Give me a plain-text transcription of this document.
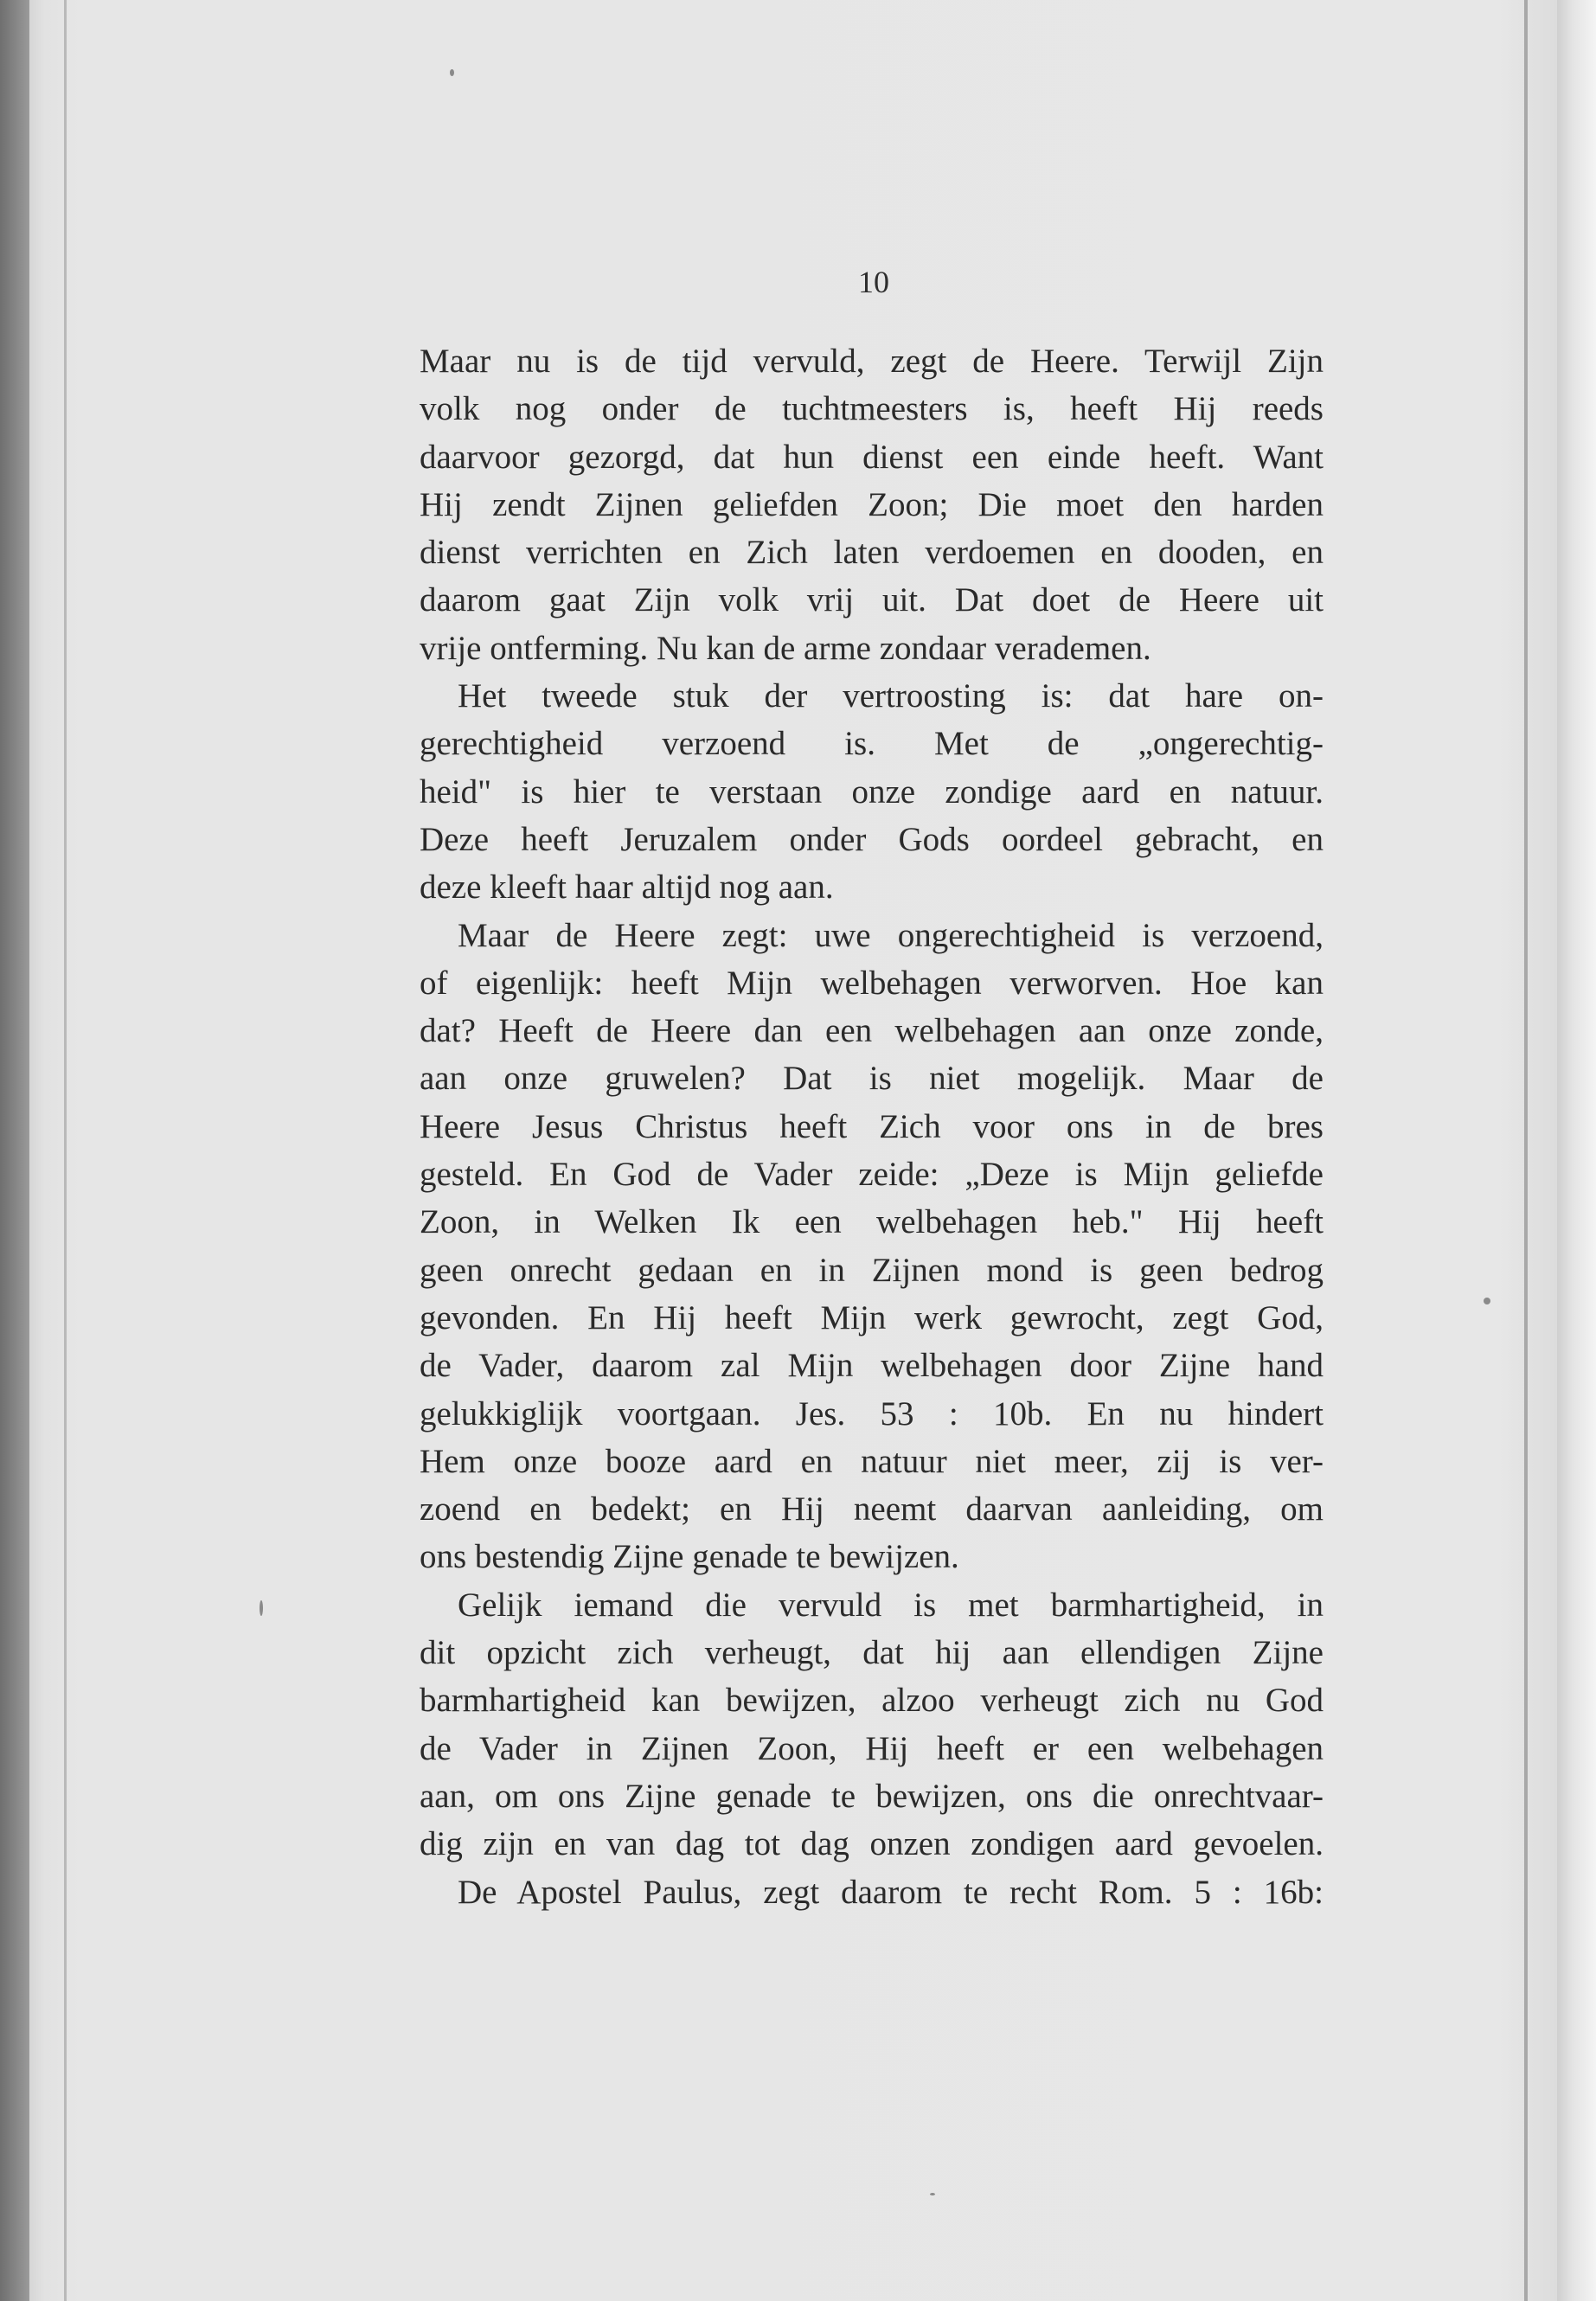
10
Maar nu is de tijd vervuld, zegt de Heere. Terwijl Zijn
volk nog onder de tuchtmeesters is, heeft Hij reeds
daarvoor gezorgd, dat hun dienst een einde heeft. Want
Hij zendt Zijnen geliefden Zoon; Die moet den harden
dienst verrichten en Zich laten verdoemen en dooden, en
daarom gaat Zijn volk vrij uit. Dat doet de Heere uit
vrije ontferming. Nu kan de arme zondaar verademen.
Het tweede stuk der vertroosting is: dat hare on-
gerechtigheid verzoend is. Met de „ongerechtig-
heid" is hier te verstaan onze zondige aard en natuur.
Deze heeft Jeruzalem onder Gods oordeel gebracht, en
deze kleeft haar altijd nog aan.
Maar de Heere zegt: uwe ongerechtigheid is verzoend,
of eigenlijk: heeft Mijn welbehagen verworven. Hoe kan
dat? Heeft de Heere dan een welbehagen aan onze zonde,
aan onze gruwelen? Dat is niet mogelijk. Maar de
Heere Jesus Christus heeft Zich voor ons in de bres
gesteld. En God de Vader zeide: „Deze is Mijn geliefde
Zoon, in Welken Ik een welbehagen heb." Hij heeft
geen onrecht gedaan en in Zijnen mond is geen bedrog
gevonden. En Hij heeft Mijn werk gewrocht, zegt God,
de Vader, daarom zal Mijn welbehagen door Zijne hand
gelukkiglijk voortgaan. Jes. 53 : 10b. En nu hindert
Hem onze booze aard en natuur niet meer, zij is ver-
zoend en bedekt; en Hij neemt daarvan aanleiding, om
ons bestendig Zijne genade te bewijzen.
Gelijk iemand die vervuld is met barmhartigheid, in
dit opzicht zich verheugt, dat hij aan ellendigen Zijne
barmhartigheid kan bewijzen, alzoo verheugt zich nu God
de Vader in Zijnen Zoon, Hij heeft er een welbehagen
aan, om ons Zijne genade te bewijzen, ons die onrechtvaar-
dig zijn en van dag tot dag onzen zondigen aard gevoelen.
De Apostel Paulus, zegt daarom te recht Rom. 5 : 16b:
